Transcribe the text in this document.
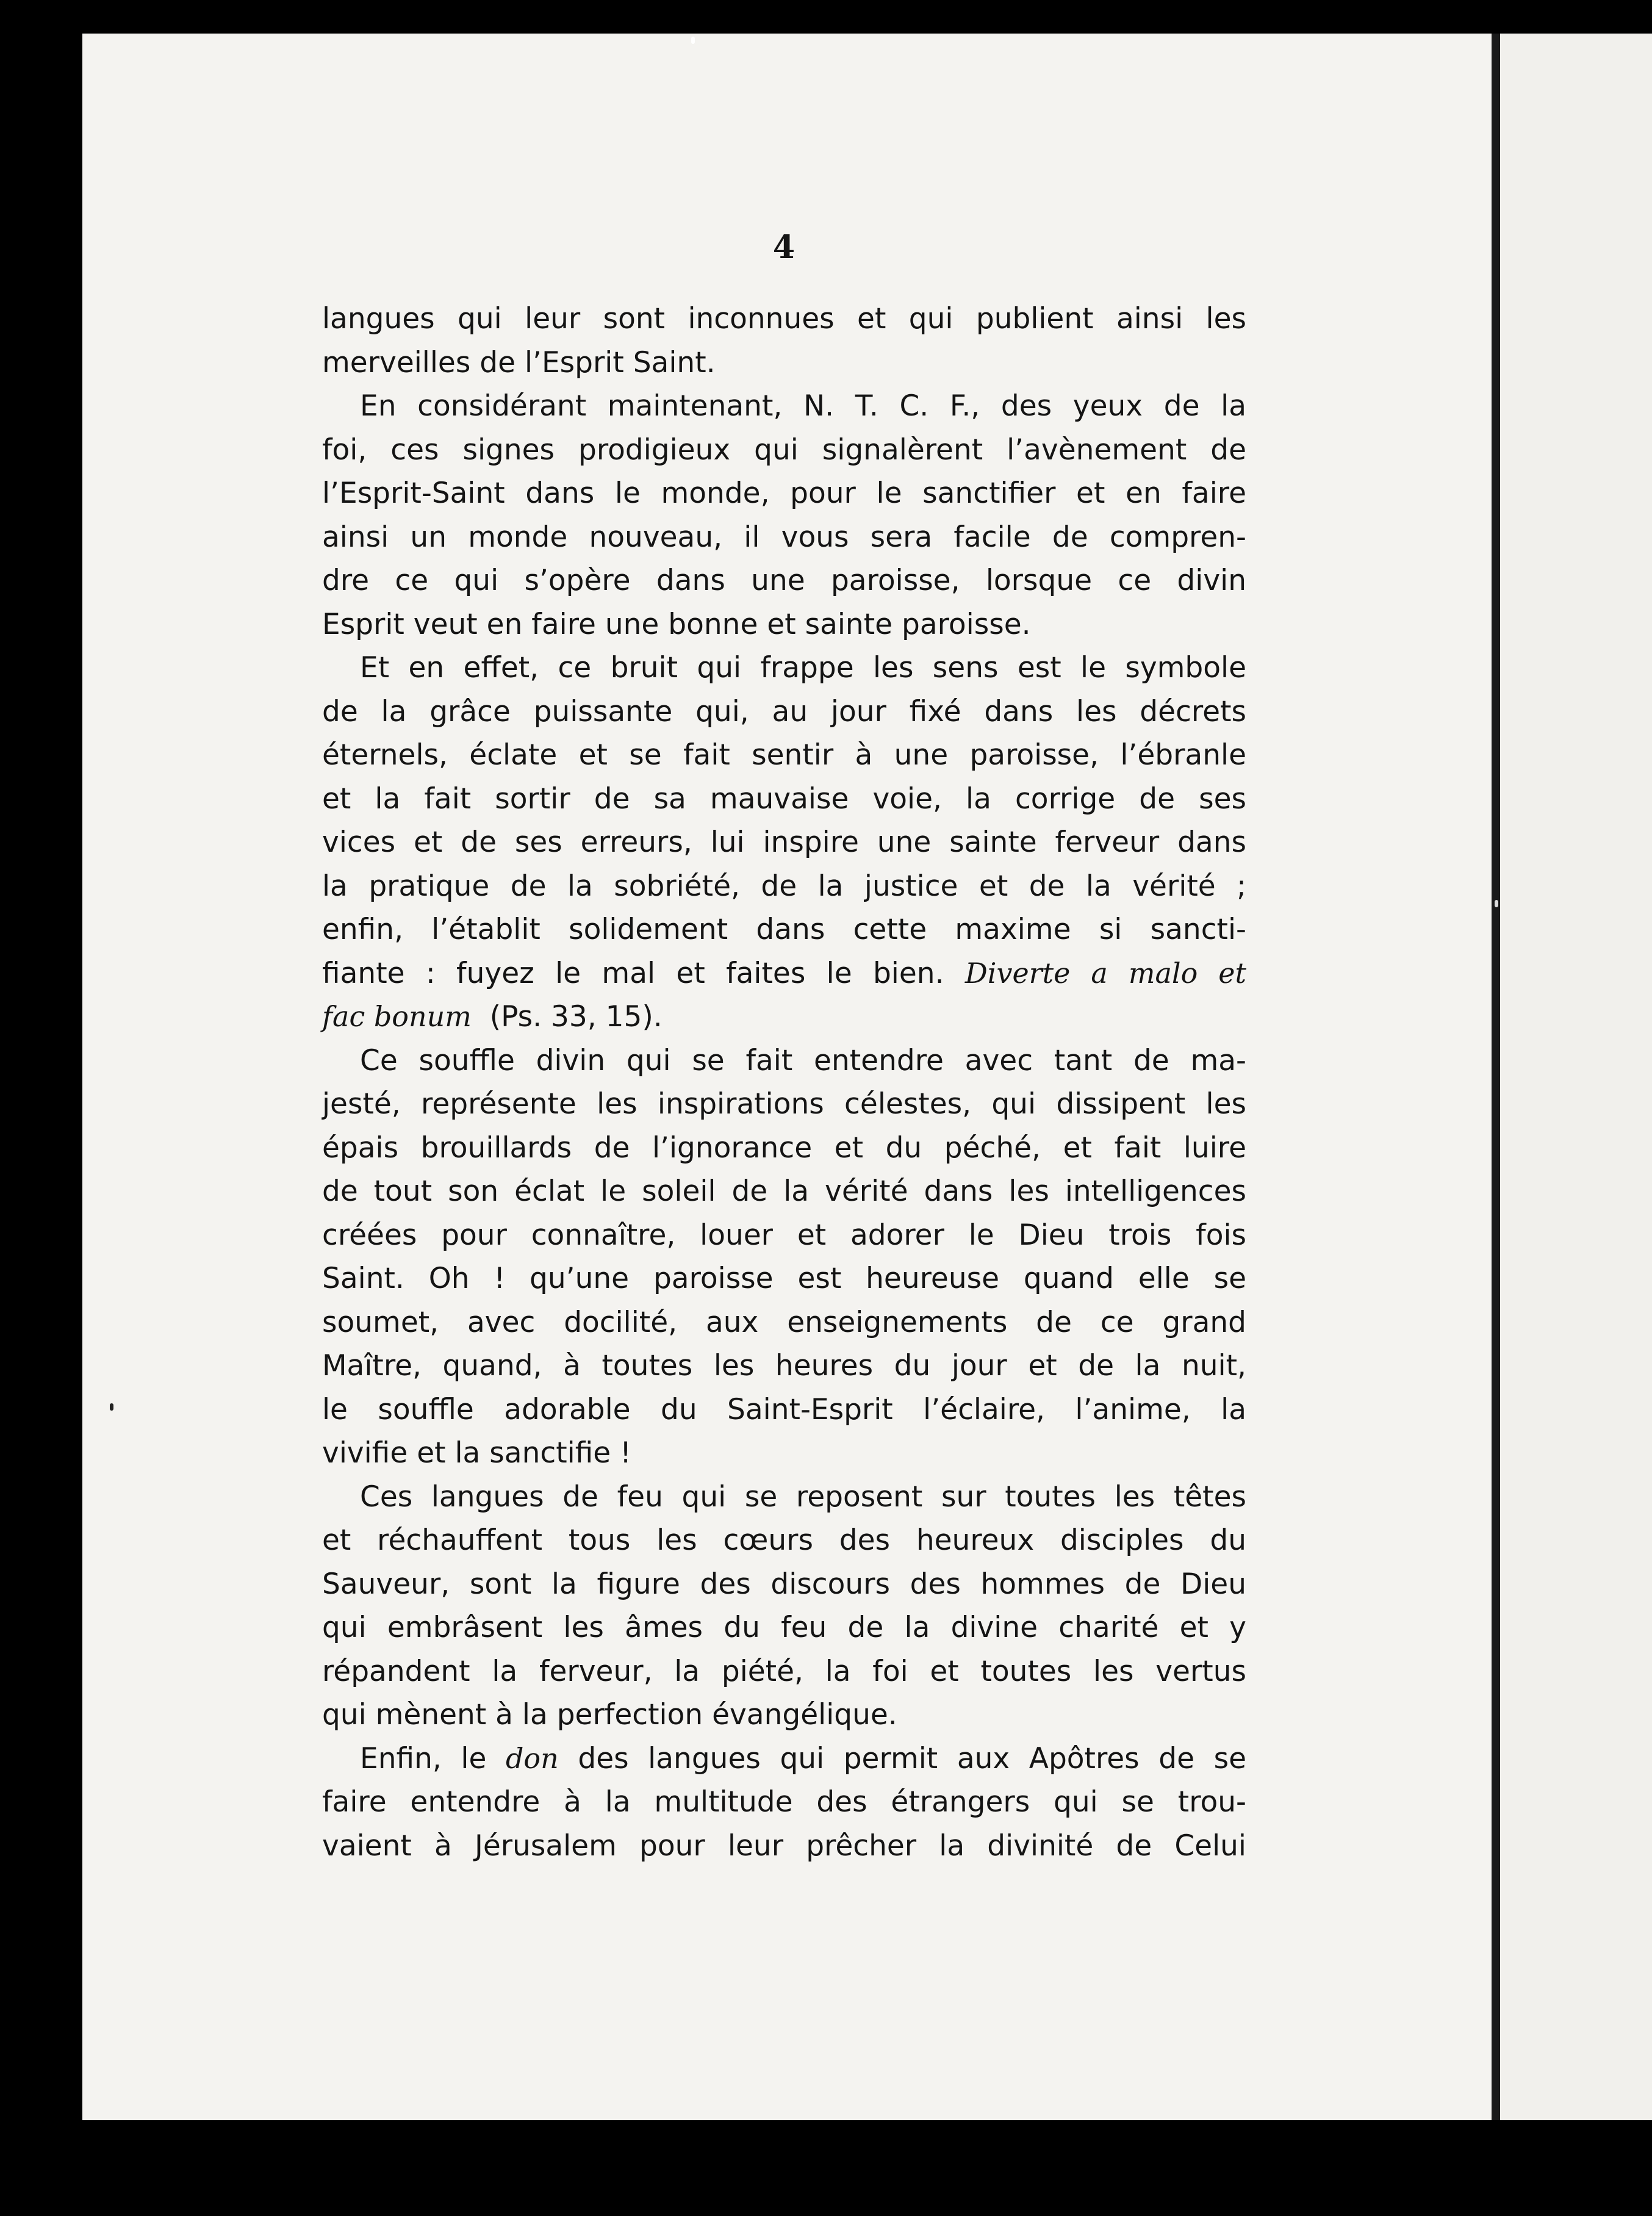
4
langues qui leur sont inconnues et qui publient ainsi les
merveilles de l’Esprit Saint.
En considérant maintenant, N. T. C. F., des yeux de la
foi, ces signes prodigieux qui signalèrent l’avènement de
l’Esprit-Saint dans le monde, pour le sanctifier et en faire
ainsi un monde nouveau, il vous sera facile de compren-
dre ce qui s’opère dans une paroisse, lorsque ce divin
Esprit veut en faire une bonne et sainte paroisse.
Et en effet, ce bruit qui frappe les sens est le symbole
de la grâce puissante qui, au jour fixé dans les décrets
éternels, éclate et se fait sentir à une paroisse, l’ébranle
et la fait sortir de sa mauvaise voie, la corrige de ses
vices et de ses erreurs, lui inspire une sainte ferveur dans
la pratique de la sobriété, de la justice et de la vérité ;
enfin, l’établit solidement dans cette maxime si sancti-
fiante : fuyez le mal et faites le bien. Diverte a malo et
fac bonum (Ps. 33, 15).
Ce souffle divin qui se fait entendre avec tant de ma-
jesté, représente les inspirations célestes, qui dissipent les
épais brouillards de l’ignorance et du péché, et fait luire
de tout son éclat le soleil de la vérité dans les intelligences
créées pour connaître, louer et adorer le Dieu trois fois
Saint. Oh ! qu’une paroisse est heureuse quand elle se
soumet, avec docilité, aux enseignements de ce grand
Maître, quand, à toutes les heures du jour et de la nuit,
le souffle adorable du Saint-Esprit l’éclaire, l’anime, la
vivifie et la sanctifie !
Ces langues de feu qui se reposent sur toutes les têtes
et réchauffent tous les cœurs des heureux disciples du
Sauveur, sont la figure des discours des hommes de Dieu
qui embrâsent les âmes du feu de la divine charité et y
répandent la ferveur, la piété, la foi et toutes les vertus
qui mènent à la perfection évangélique.
Enfin, le don des langues qui permit aux Apôtres de se
faire entendre à la multitude des étrangers qui se trou-
vaient à Jérusalem pour leur prêcher la divinité de Celui
